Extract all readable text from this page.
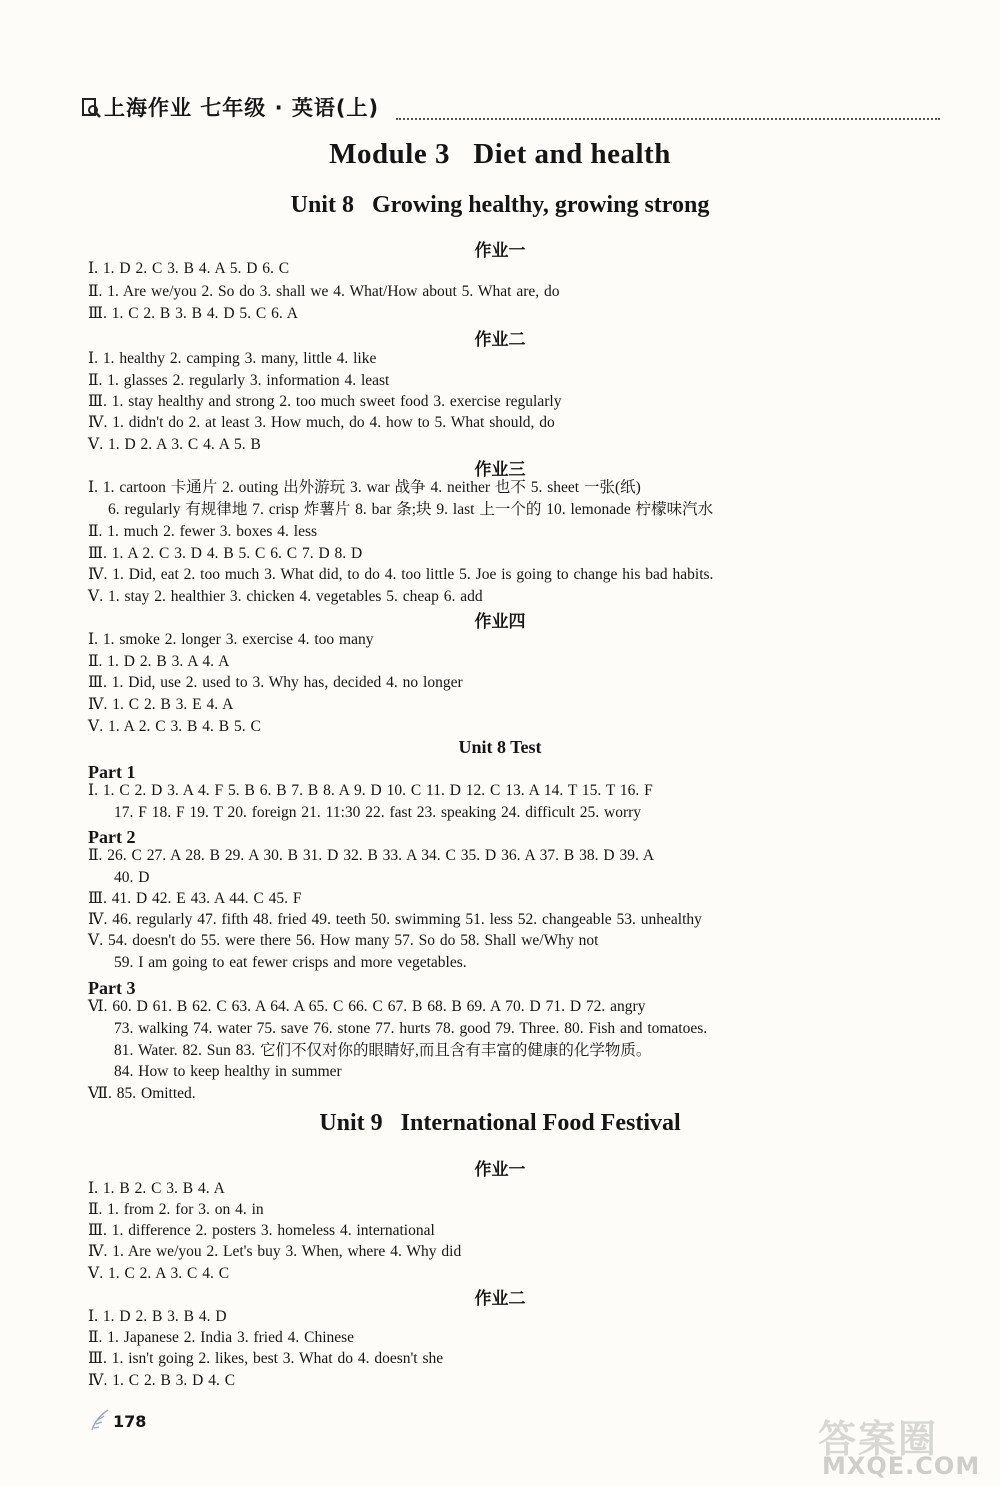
上海作业 七年级 · 英语(上)
Module 3   Diet and health
Unit 8   Growing healthy, growing strong
作业一
Ⅰ. 1. D 2. C 3. B 4. A 5. D 6. C
Ⅱ. 1. Are we/you 2. So do 3. shall we 4. What/How about 5. What are, do
Ⅲ. 1. C 2. B 3. B 4. D 5. C 6. A
作业二
Ⅰ. 1. healthy 2. camping 3. many, little 4. like
Ⅱ. 1. glasses 2. regularly 3. information 4. least
Ⅲ. 1. stay healthy and strong 2. too much sweet food 3. exercise regularly
Ⅳ. 1. didn't do 2. at least 3. How much, do 4. how to 5. What should, do
Ⅴ. 1. D 2. A 3. C 4. A 5. B
作业三
Ⅰ. 1. cartoon 卡通片 2. outing 出外游玩 3. war 战争 4. neither 也不 5. sheet 一张(纸)
6. regularly 有规律地 7. crisp 炸薯片 8. bar 条;块 9. last 上一个的 10. lemonade 柠檬味汽水
Ⅱ. 1. much 2. fewer 3. boxes 4. less
Ⅲ. 1. A 2. C 3. D 4. B 5. C 6. C 7. D 8. D
Ⅳ. 1. Did, eat 2. too much 3. What did, to do 4. too little 5. Joe is going to change his bad habits.
Ⅴ. 1. stay 2. healthier 3. chicken 4. vegetables 5. cheap 6. add
作业四
Ⅰ. 1. smoke 2. longer 3. exercise 4. too many
Ⅱ. 1. D 2. B 3. A 4. A
Ⅲ. 1. Did, use 2. used to 3. Why has, decided 4. no longer
Ⅳ. 1. C 2. B 3. E 4. A
Ⅴ. 1. A 2. C 3. B 4. B 5. C
Unit 8 Test
Part 1
Ⅰ. 1. C 2. D 3. A 4. F 5. B 6. B 7. B 8. A 9. D 10. C 11. D 12. C 13. A 14. T 15. T 16. F
17. F 18. F 19. T 20. foreign 21. 11:30 22. fast 23. speaking 24. difficult 25. worry
Part 2
Ⅱ. 26. C 27. A 28. B 29. A 30. B 31. D 32. B 33. A 34. C 35. D 36. A 37. B 38. D 39. A
40. D
Ⅲ. 41. D 42. E 43. A 44. C 45. F
Ⅳ. 46. regularly 47. fifth 48. fried 49. teeth 50. swimming 51. less 52. changeable 53. unhealthy
Ⅴ. 54. doesn't do 55. were there 56. How many 57. So do 58. Shall we/Why not
59. I am going to eat fewer crisps and more vegetables.
Part 3
Ⅵ. 60. D 61. B 62. C 63. A 64. A 65. C 66. C 67. B 68. B 69. A 70. D 71. D 72. angry
73. walking 74. water 75. save 76. stone 77. hurts 78. good 79. Three. 80. Fish and tomatoes.
81. Water. 82. Sun 83. 它们不仅对你的眼睛好,而且含有丰富的健康的化学物质。
84. How to keep healthy in summer
Ⅶ. 85. Omitted.
Unit 9   International Food Festival
作业一
Ⅰ. 1. B 2. C 3. B 4. A
Ⅱ. 1. from 2. for 3. on 4. in
Ⅲ. 1. difference 2. posters 3. homeless 4. international
Ⅳ. 1. Are we/you 2. Let's buy 3. When, where 4. Why did
Ⅴ. 1. C 2. A 3. C 4. C
作业二
Ⅰ. 1. D 2. B 3. B 4. D
Ⅱ. 1. Japanese 2. India 3. fried 4. Chinese
Ⅲ. 1. isn't going 2. likes, best 3. What do 4. doesn't she
Ⅳ. 1. C 2. B 3. D 4. C
178	答案圈
MXQE.COM
